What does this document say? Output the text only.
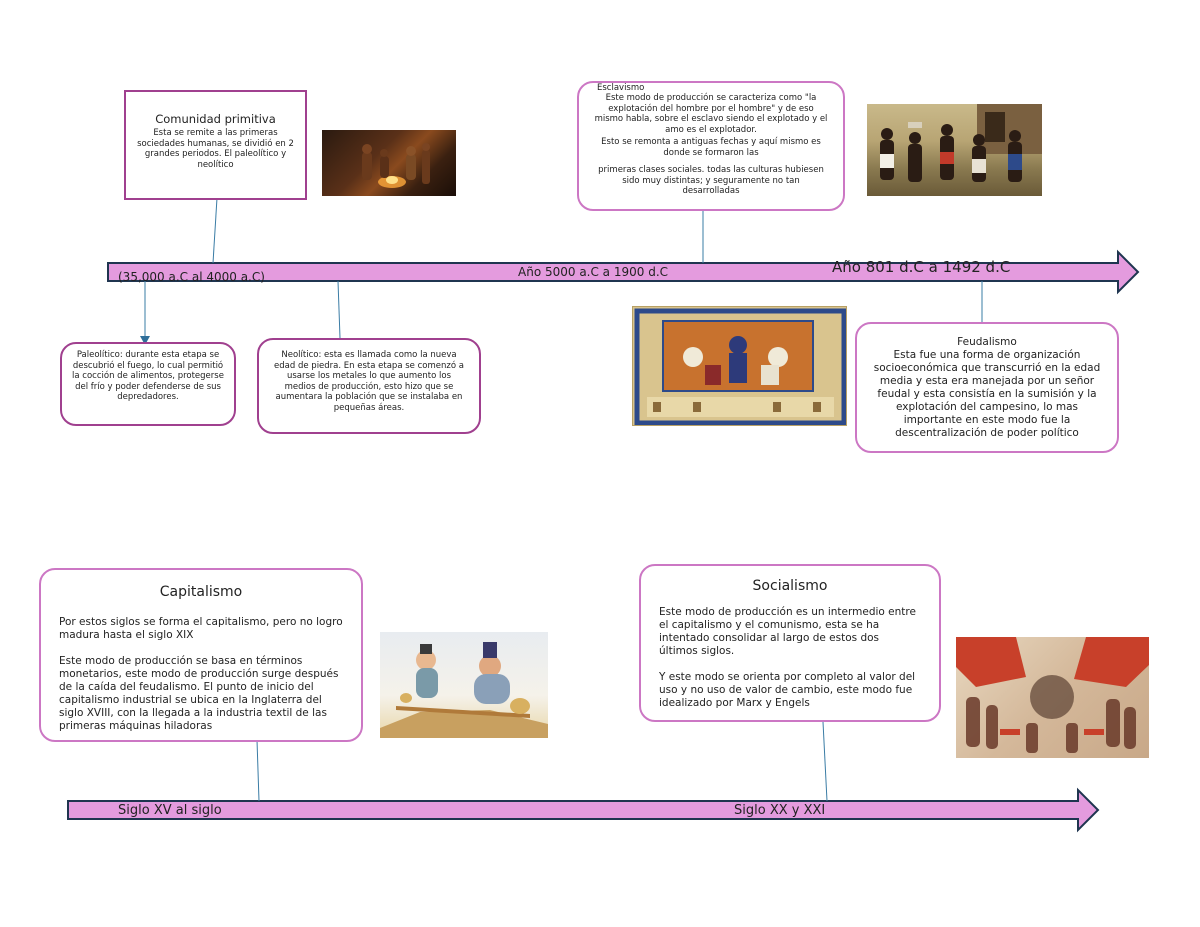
Año 5000 a.C a 1900 d.C
(35,000 a.C al 4000 a.C)
Año 801 d.C a 1492 d.C
Siglo XV al siglo	Siglo XX y XXI
Comunidad primitiva
Esta se remite a las primeras sociedades humanas, se dividió en 2 grandes periodos. El paleolítico y neolítico
Paleolítico: durante esta etapa se descubrió el fuego, lo cual permitió la cocción de alimentos, protegerse del frío y poder defenderse de sus depredadores.
Neolítico: esta es llamada como la nueva edad de piedra. En esta etapa se comenzó a usarse los metales lo que aumento los medios de producción, esto hizo que se aumentara la población que se instalaba en pequeñas áreas.
Esclavismo
Este modo de producción se caracteriza como "la explotación del hombre por el hombre" y de eso mismo habla, sobre el esclavo siendo el explotado y el amo es el explotador.
Esto se remonta a antiguas fechas y aquí mismo es donde se formaron las
primeras clases sociales. todas las culturas hubiesen sido muy distintas; y seguramente no tan desarrolladas
Feudalismo
Esta fue una forma de organización socioeconómica que transcurrió en la edad media y esta era manejada por un señor feudal y esta consistía en la sumisión y la explotación del campesino, lo mas importante en este modo fue la descentralización de poder político
Capitalismo
Por estos siglos se forma el capitalismo, pero no logro madura hasta el siglo XIX
Este modo de producción se basa en términos monetarios, este modo de producción surge después de la caída del feudalismo. El punto de inicio del capitalismo industrial se ubica en la Inglaterra del siglo XVIII, con la llegada a la industria textil de las primeras máquinas hiladoras
Socialismo
Este modo de producción es un intermedio entre el capitalismo y el comunismo, esta se ha intentado consolidar al largo de estos dos últimos siglos.
Y este modo se orienta por completo al valor del uso y no uso de valor de cambio, este modo fue idealizado por Marx y Engels
